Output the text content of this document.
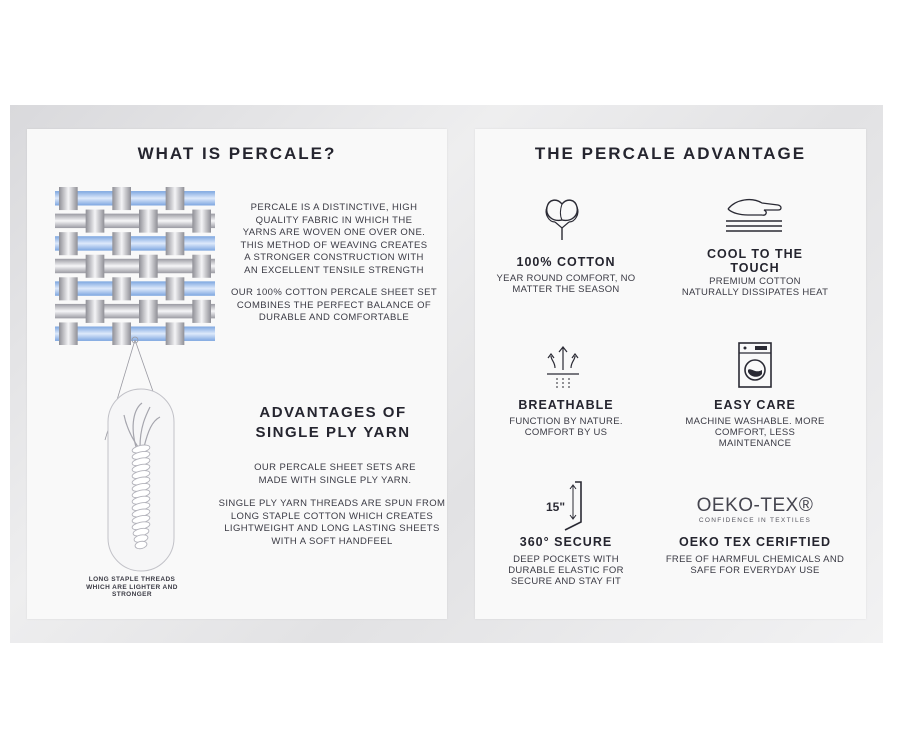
WHAT IS PERCALE?
LONG STAPLE THREADS WHICH ARE LIGHTER AND STRONGER
PERCALE IS A DISTINCTIVE, HIGH QUALITY FABRIC IN WHICH THE YARNS ARE WOVEN ONE OVER ONE. THIS METHOD OF WEAVING CREATES A STRONGER CONSTRUCTION WITH AN EXCELLENT TENSILE STRENGTH
OUR 100% COTTON PERCALE SHEET SET COMBINES THE PERFECT BALANCE OF DURABLE AND COMFORTABLE
ADVANTAGES OF
SINGLE PLY YARN
OUR PERCALE SHEET SETS ARE MADE WITH SINGLE PLY YARN.
SINGLE PLY YARN THREADS ARE SPUN FROM LONG STAPLE COTTON WHICH CREATES LIGHTWEIGHT AND LONG LASTING SHEETS WITH A SOFT HANDFEEL
THE PERCALE ADVANTAGE
100% COTTON
YEAR ROUND COMFORT, NO MATTER THE SEASON
COOL TO THE TOUCH
PREMIUM COTTON NATURALLY DISSIPATES HEAT
BREATHABLE
FUNCTION BY NATURE. COMFORT BY US
EASY CARE
MACHINE WASHABLE. MORE COMFORT, LESS MAINTENANCE
15"
360° SECURE
DEEP POCKETS WITH DURABLE ELASTIC FOR SECURE AND STAY FIT
OEKO-TEX®
CONFIDENCE IN TEXTILES
OEKO TEX CERIFTIED
FREE OF HARMFUL CHEMICALS AND SAFE FOR EVERYDAY USE
